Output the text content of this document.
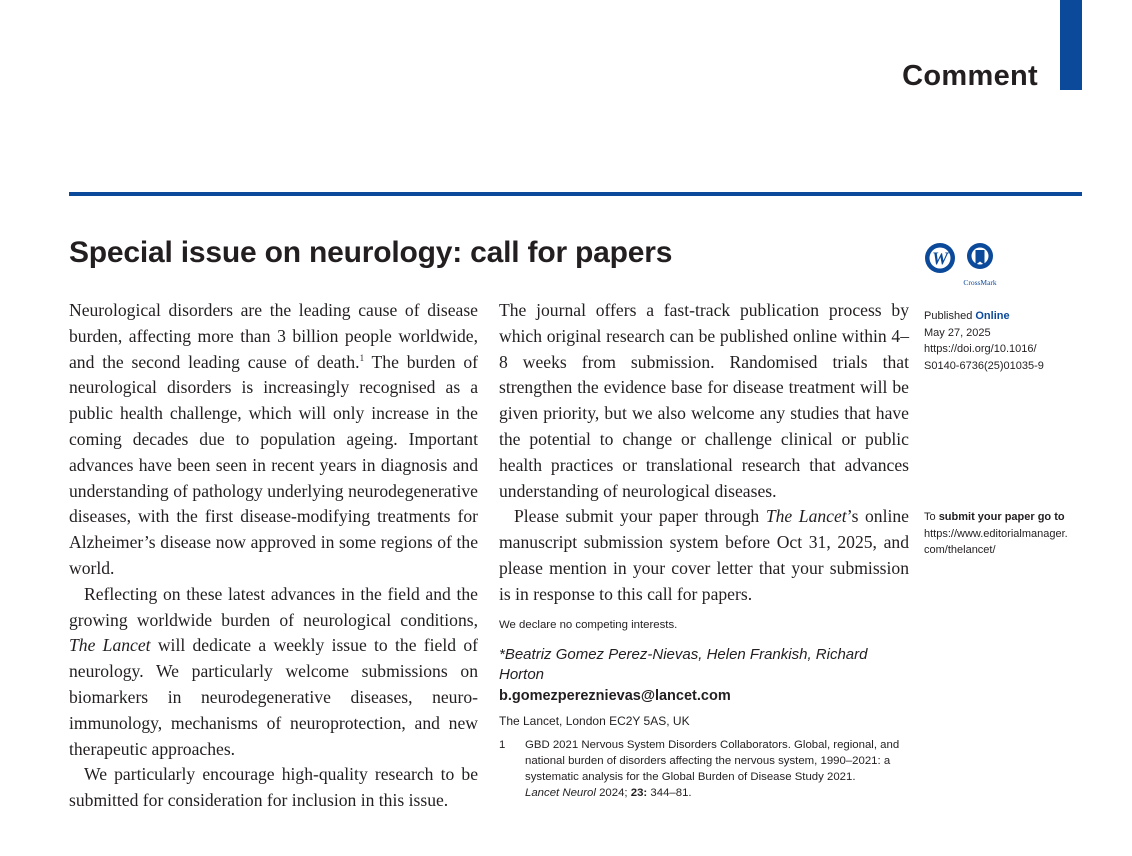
Comment
Special issue on neurology: call for papers	W
CrossMark
Published Online
May 27, 2025
https://doi.org/10.1016/
S0140-6736(25)01035-9
To submit your paper go to
https://www.editorialmanager.
com/thelancet/

Neurological disorders are the leading cause of disease burden, affecting more than 3 billion people worldwide, and the second leading cause of death.$^1$ The burden of neurological disorders is increasingly recognised as a public health challenge, which will only increase in the coming decades due to population ageing. Important advances have been seen in recent years in diagnosis and understanding of pathology underlying neurodegenerative diseases, with the first disease-modifying treatments for Alzheimer’s disease now approved in some regions of the world.

Reflecting on these latest advances in the field and the growing worldwide burden of neurological conditions, The Lancet will dedicate a weekly issue to the field of neurology. We particularly welcome submissions on biomarkers in neurodegenerative diseases, neuro-immunology, mechanisms of neuroprotection, and new therapeutic approaches.

We particularly encourage high-quality research to be submitted for consideration for inclusion in this issue.

The journal offers a fast-track publication process by which original research can be published online within 4–8 weeks from submission. Randomised trials that strengthen the evidence base for disease treatment will be given priority, but we also welcome any studies that have the potential to change or challenge clinical or public health practices or translational research that advances understanding of neurological diseases.

Please submit your paper through The Lancet’s online manuscript submission system before Oct 31, 2025, and please mention in your cover letter that your submission is in response to this call for papers.

We declare no competing interests.

*Beatriz Gomez Perez-Nievas, Helen Frankish, Richard Horton

b.gomezpereznievas@lancet.com

The Lancet, London EC2Y 5AS, UK

1	GBD 2021 Nervous System Disorders Collaborators. Global, regional, and national burden of disorders affecting the nervous system, 1990–2021: a systematic analysis for the Global Burden of Disease Study 2021.
Lancet Neurol 2024; 23: 344–81.
